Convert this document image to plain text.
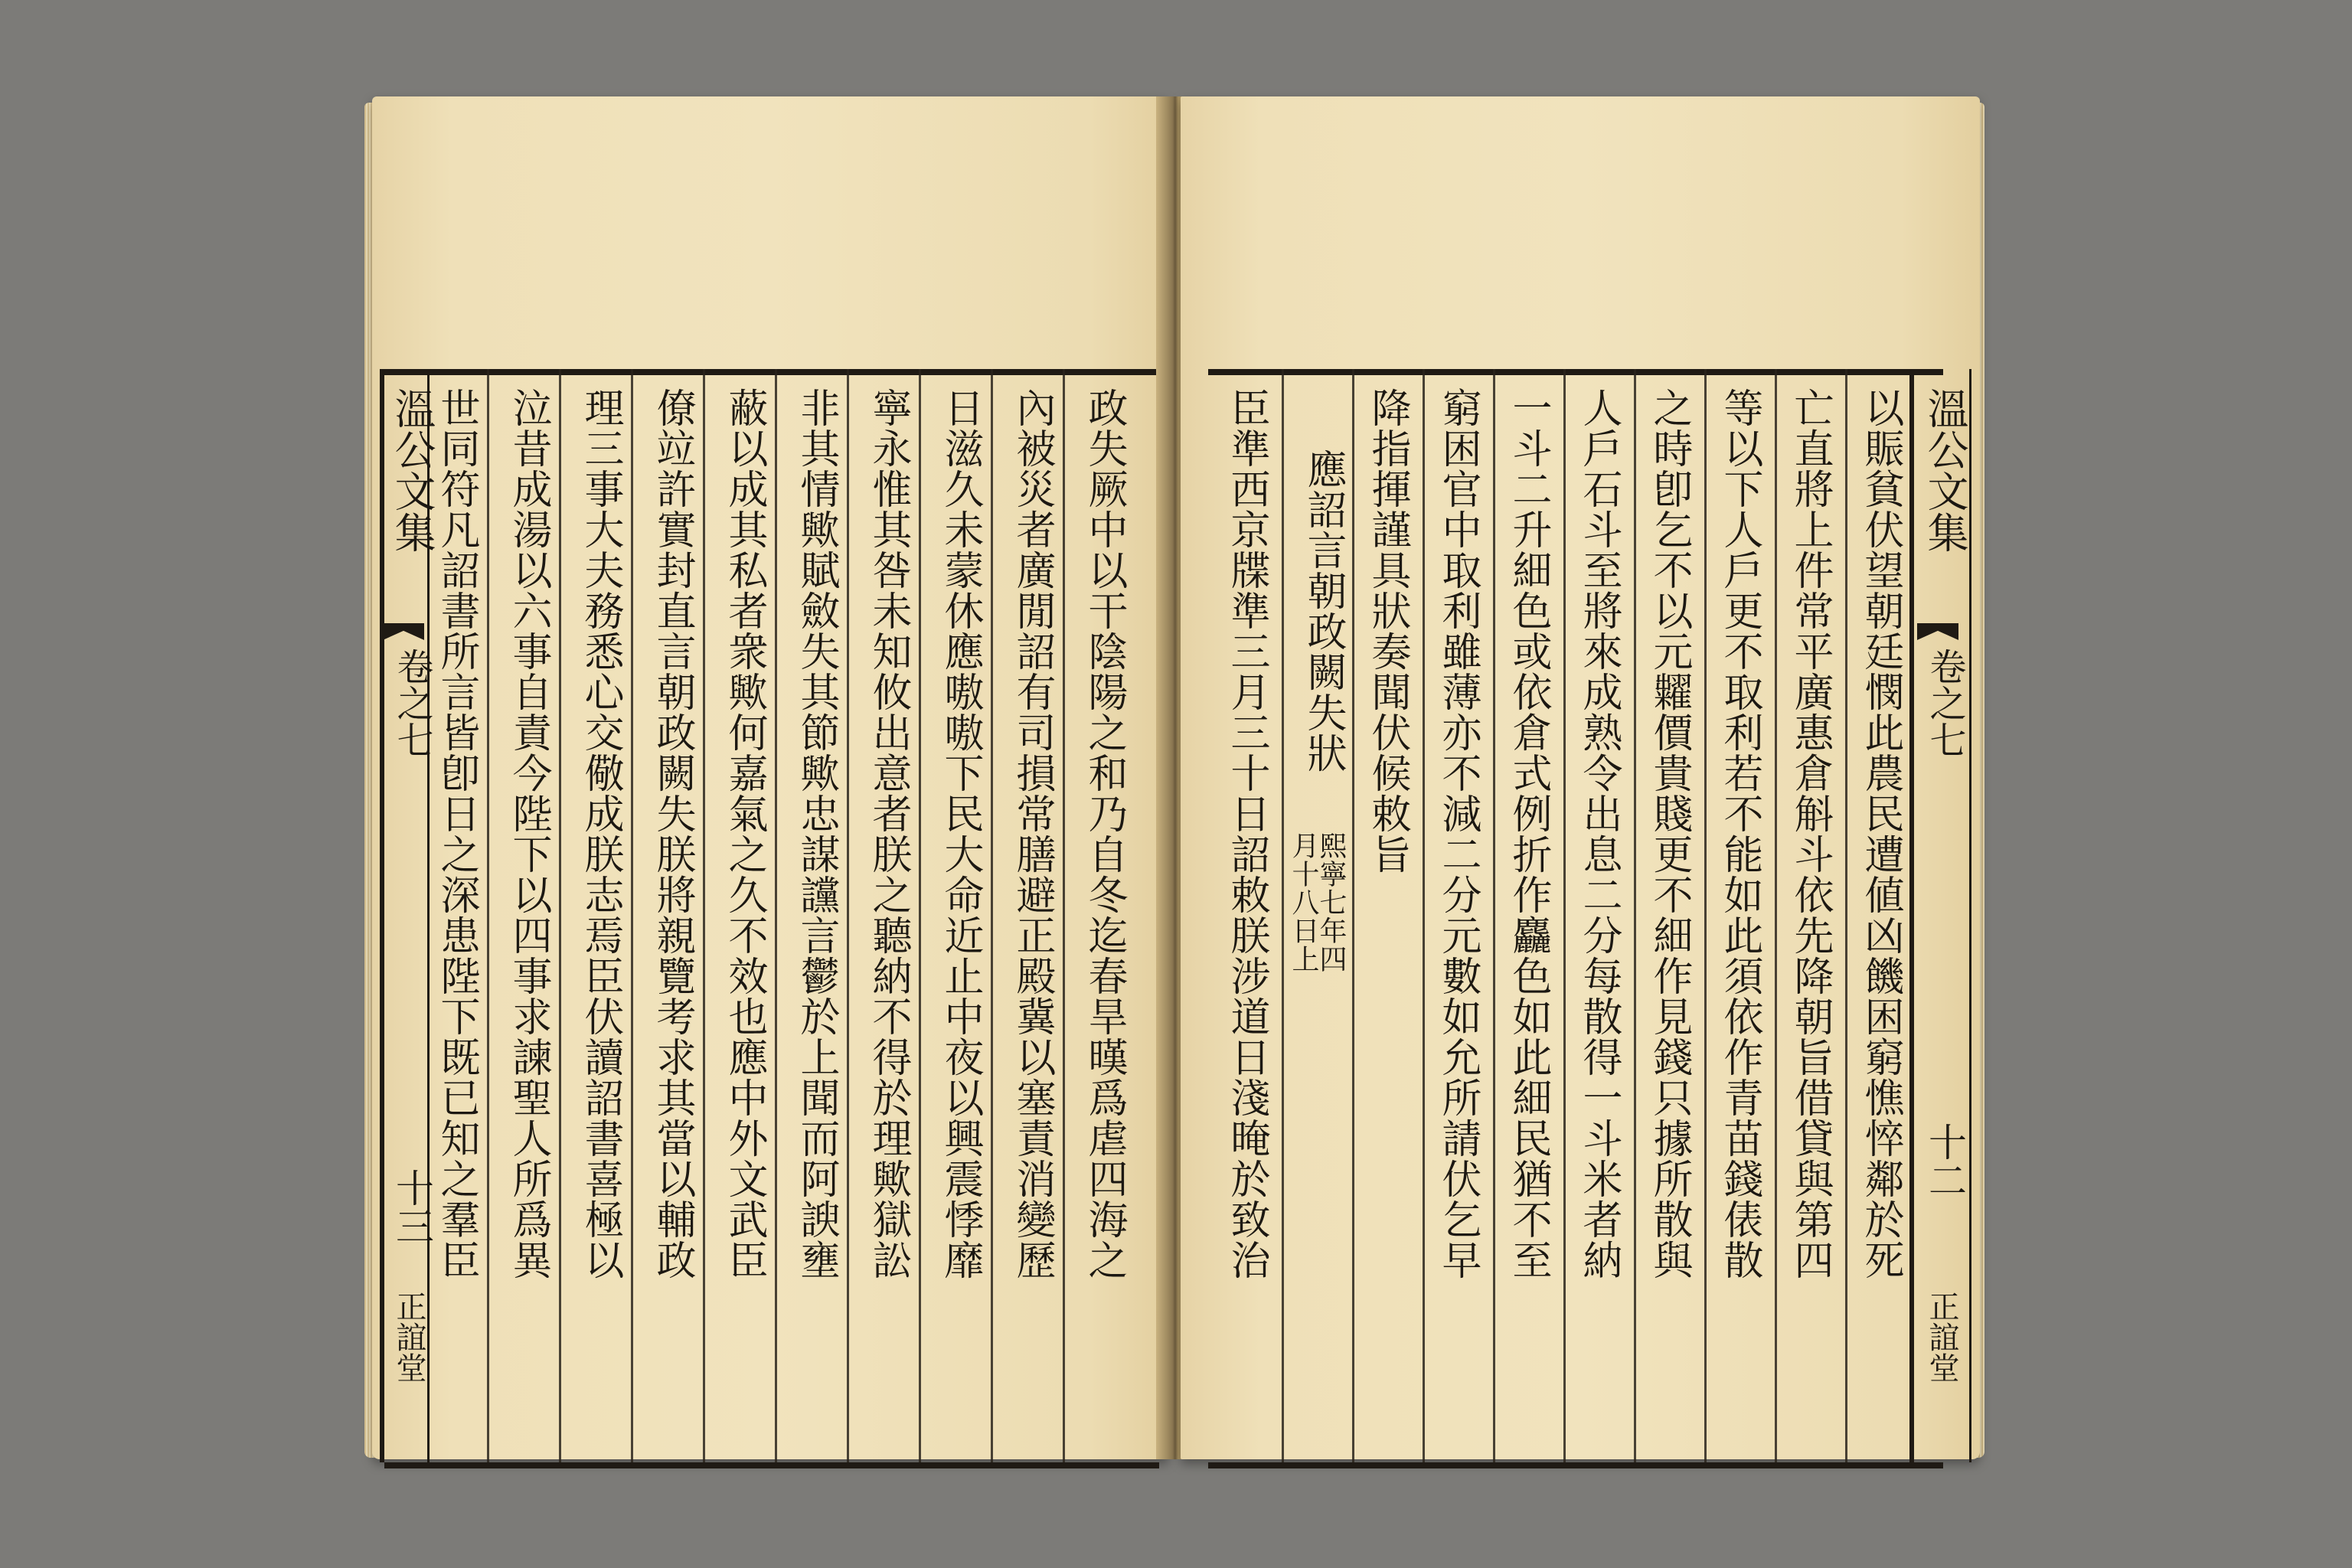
溫公文集
卷之七
十三
正誼堂
政失厥中以干陰陽之和乃自冬迄春旱暵爲虐四海之
內被災者廣閒詔有司損常膳避正殿冀以塞責消變歷
日滋久未蒙休應嗷嗷下民大命近止中夜以興震悸靡
寧永惟其咎未知攸出意者朕之聽納不得於理歟獄訟
非其情歟賦斂失其節歟忠謀讜言鬱於上聞而阿諛壅
蔽以成其私者衆歟何嘉氣之久不效也應中外文武臣
僚竝許實封直言朝政闕失朕將親覽考求其當以輔政
理三事大夫務悉心交儆成朕志焉臣伏讀詔書喜極以
泣昔成湯以六事自責今陛下以四事求諫聖人所爲異
世同符凡詔書所言皆卽日之深患陛下既已知之羣臣	溫公文集
卷之七
十二
正誼堂
以賑貧伏望朝廷憫此農民遭値凶饑困窮憔悴鄰於死
亡直將上件常平廣惠倉斛斗依先降朝旨借貸與第四
等以下人戶更不取利若不能如此須依作青苗錢俵散
之時卽乞不以元糶價貴賤更不細作見錢只據所散與
人戶石斗至將來成熟令出息二分每散得一斗米者納
一斗二升細色或依倉式例折作麤色如此細民猶不至
窮困官中取利雖薄亦不減二分元數如允所請伏乞早
降指揮謹具狀奏聞伏候敕旨
應詔言朝政闕失狀
熙寧七年四
月十八日上
臣準西京牒準三月三十日詔敕朕涉道日淺晻於致治
